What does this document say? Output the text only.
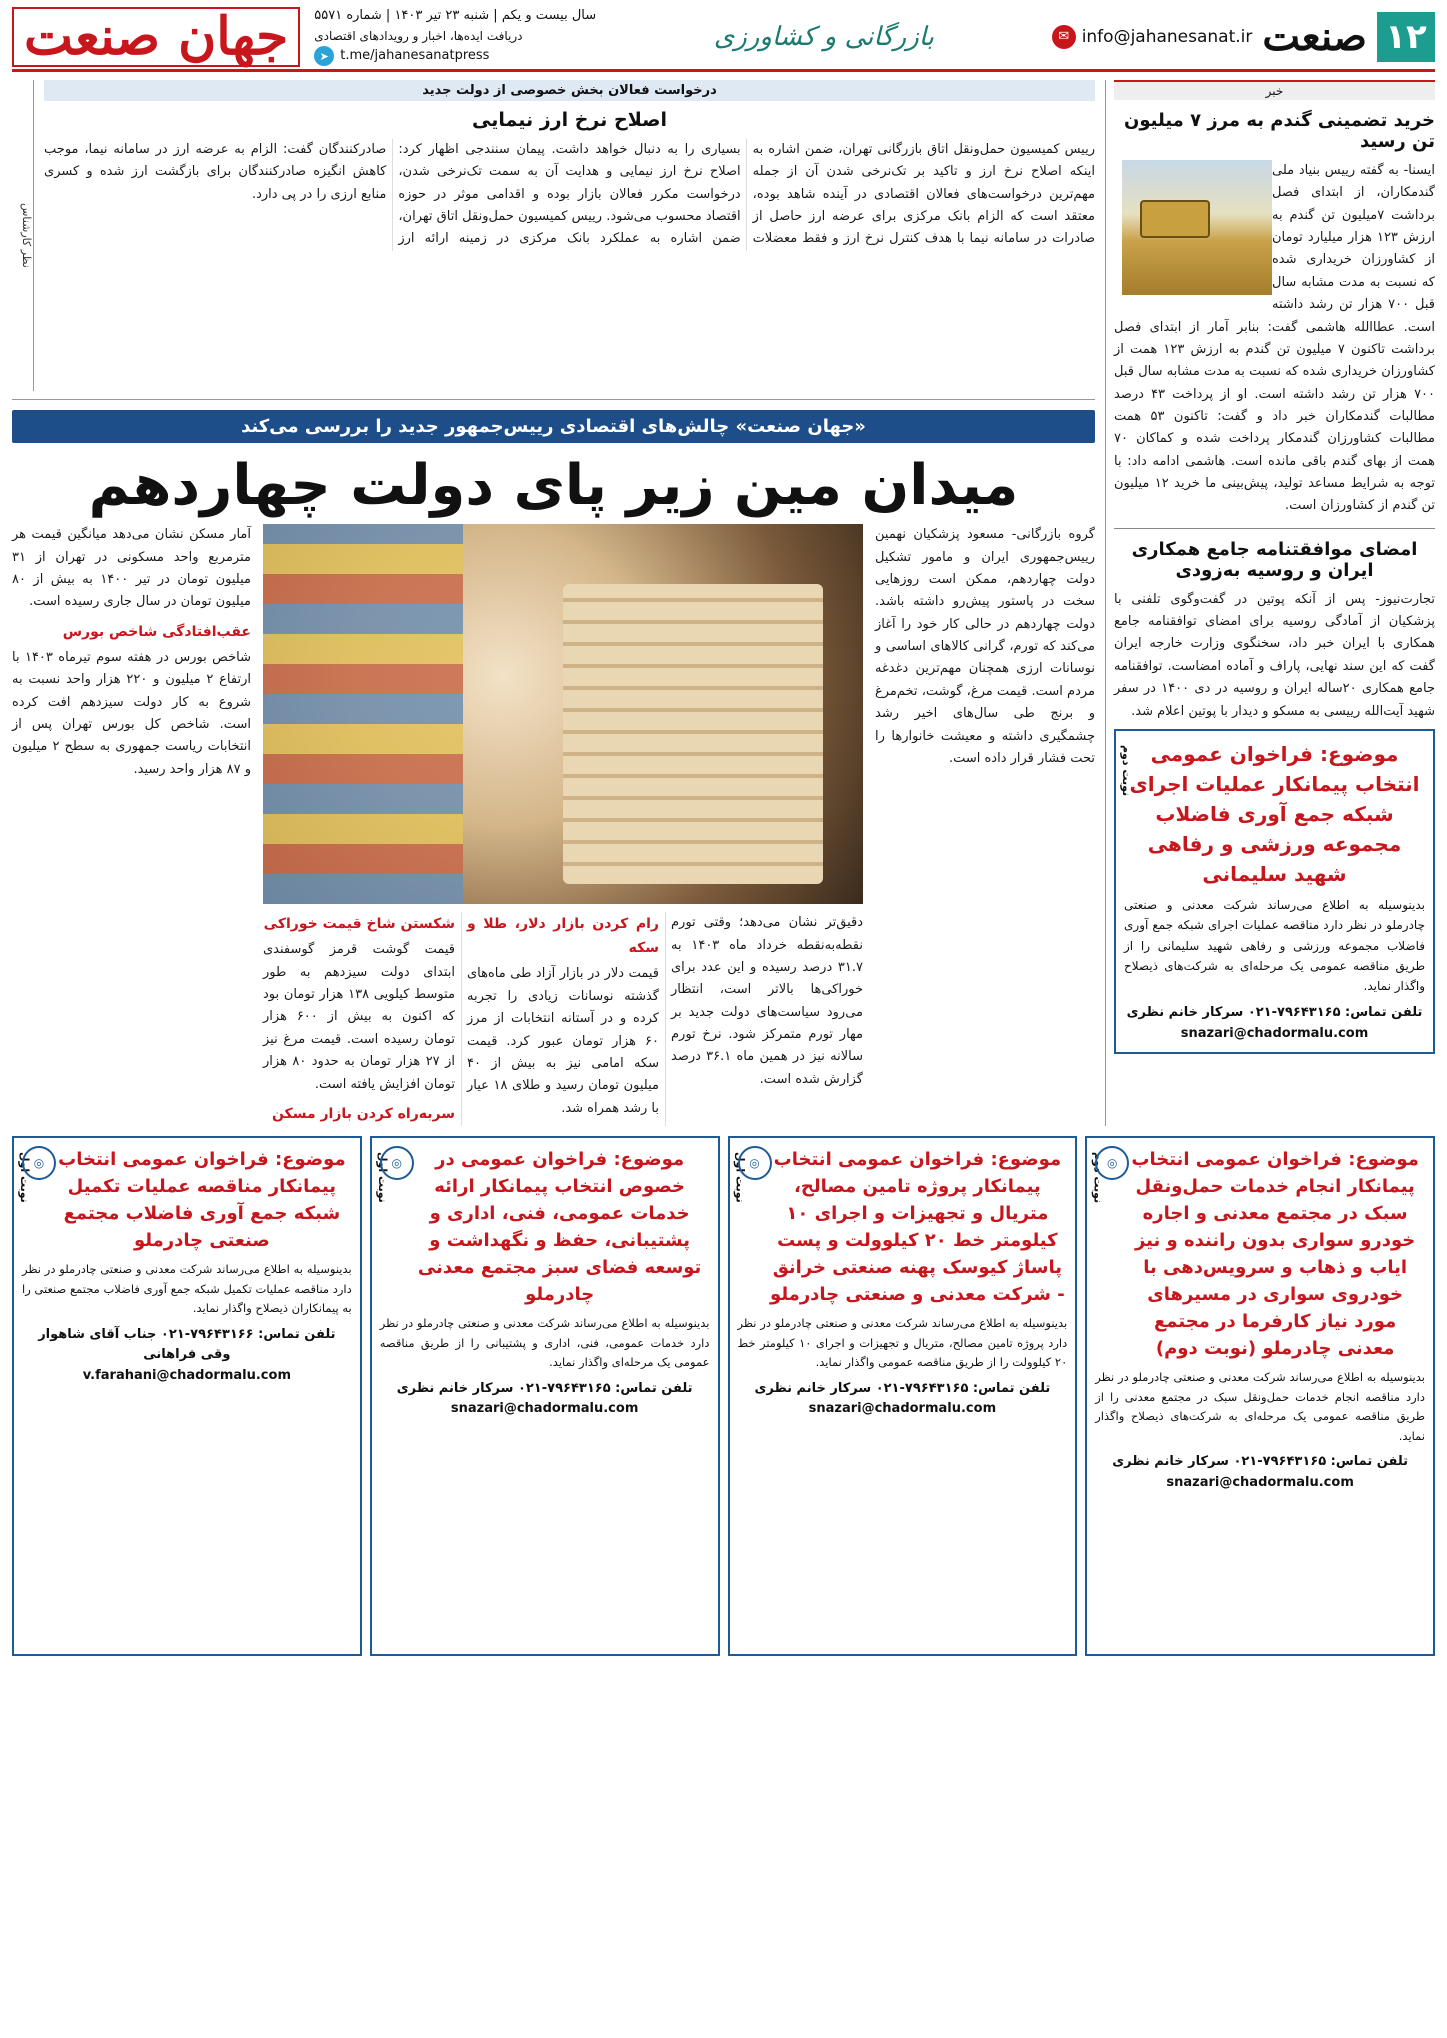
۱۲
صنعت
✉ info@jahanesanat.ir
بازرگانی و کشاورزی
سال بیست و یکم | شنبه ۲۳ تیر ۱۴۰۳ | شماره ۵۵۷۱
دریافت ایده‌ها، اخبار و رویدادهای اقتصادی
➤ t.me/jahanesanatpress
جهان صنعت
خبر
خرید تضمینی گندم به مرز ۷ میلیون تن رسید
ایسنا- به گفته رییس بنیاد ملی گندمکاران، از ابتدای فصل برداشت ۷میلیون تن گندم به ارزش ۱۲۳ هزار میلیارد تومان از کشاورزان خریداری شده که نسبت به مدت مشابه سال قبل ۷۰۰ هزار تن رشد داشته است. عطاالله هاشمی گفت: بنابر آمار از ابتدای فصل برداشت تاکنون ۷ میلیون تن گندم به ارزش ۱۲۳ همت از کشاورزان خریداری شده که نسبت به مدت مشابه سال قبل ۷۰۰ هزار تن رشد داشته است. او از پرداخت ۴۳ درصد مطالبات گندمکاران خبر داد و گفت: تاکنون ۵۳ همت مطالبات کشاورزان گندمکار پرداخت شده و کماکان ۷۰ همت از بهای گندم باقی مانده است. هاشمی ادامه داد: با توجه به شرایط مساعد تولید، پیش‌بینی ما خرید ۱۲ میلیون تن گندم از کشاورزان است.
امضای موافقتنامه جامع همکاری ایران و روسیه به‌زودی
تجارت‌نیوز- پس از آنکه پوتین در گفت‌وگوی تلفنی با پزشکیان از آمادگی روسیه برای امضای توافقنامه جامع همکاری با ایران خبر داد، سخنگوی وزارت خارجه ایران گفت که این سند نهایی، پاراف و آماده امضاست. توافقنامه جامع همکاری ۲۰ساله ایران و روسیه در دی ۱۴۰۰ در سفر شهید آیت‌الله رییسی به مسکو و دیدار با پوتین اعلام شد.
نوبت دوم موضوع: فراخوان عمومی انتخاب پیمانکار عملیات اجرای شبکه جمع آوری فاضلاب مجموعه ورزشی و رفاهی شهید سلیمانی
بدینوسیله به اطلاع می‌رساند شرکت معدنی و صنعتی چادرملو در نظر دارد مناقصه عملیات اجرای شبکه جمع آوری فاضلاب مجموعه ورزشی و رفاهی شهید سلیمانی را از طریق مناقصه عمومی یک مرحله‌ای به شرکت‌های ذیصلاح واگذار نماید.
تلفن تماس: ۷۹۶۴۳۱۶۵-۰۲۱ سرکار خانم نظری
snazari@chadormalu.com
درخواست فعالان بخش خصوصی از دولت جدید
اصلاح نرخ ارز نیمایی
رییس کمیسیون حمل‌ونقل اتاق بازرگانی تهران، ضمن اشاره به اینکه اصلاح نرخ ارز و تاکید بر تک‌نرخی شدن آن از جمله مهم‌ترین درخواست‌های فعالان اقتصادی در آینده شاهد بوده، معتقد است که الزام بانک مرکزی برای عرضه ارز حاصل از صادرات در سامانه نیما با هدف کنترل نرخ ارز و فقط معضلات بسیاری را به دنبال خواهد داشت. پیمان سنندجی اظهار کرد: اصلاح نرخ ارز نیمایی و هدایت آن به سمت تک‌نرخی شدن، درخواست مکرر فعالان بازار بوده و اقدامی موثر در حوزه اقتصاد محسوب می‌شود. رییس کمیسیون حمل‌ونقل اتاق تهران، ضمن اشاره به عملکرد بانک مرکزی در زمینه ارائه ارز صادرکنندگان گفت: الزام به عرضه ارز در سامانه نیما، موجب کاهش انگیزه صادرکنندگان برای بازگشت ارز شده و کسری منابع ارزی را در پی دارد.
نظر کارشناس
«جهان صنعت» چالش‌های اقتصادی رییس‌جمهور جدید را بررسی می‌کند
میدان مین زیر پای دولت چهاردهم
گروه بازرگانی- مسعود پزشکیان نهمین رییس‌جمهوری ایران و مامور تشکیل دولت چهاردهم، ممکن است روزهایی سخت در پاستور پیش‌رو داشته باشد. دولت چهاردهم در حالی کار خود را آغاز می‌کند که تورم، گرانی کالاهای اساسی و نوسانات ارزی همچنان مهم‌ترین دغدغه مردم است. قیمت مرغ، گوشت، تخم‌مرغ و برنج طی سال‌های اخیر رشد چشمگیری داشته و معیشت خانوارها را تحت فشار قرار داده است.
دقیق‌تر نشان می‌دهد؛ وقتی تورم نقطه‌به‌نقطه خرداد ماه ۱۴۰۳ به ۳۱.۷ درصد رسیده و این عدد برای خوراکی‌ها بالاتر است، انتظار می‌رود سیاست‌های دولت جدید بر مهار تورم متمرکز شود. نرخ تورم سالانه نیز در همین ماه ۳۶.۱ درصد گزارش شده است.
رام کردن بازار دلار، طلا و سکه
قیمت دلار در بازار آزاد طی ماه‌های گذشته نوسانات زیادی را تجربه کرده و در آستانه انتخابات از مرز ۶۰ هزار تومان عبور کرد. قیمت سکه امامی نیز به بیش از ۴۰ میلیون تومان رسید و طلای ۱۸ عیار با رشد همراه شد.
شکستن شاخ قیمت خوراکی
قیمت گوشت قرمز گوسفندی ابتدای دولت سیزدهم به طور متوسط کیلویی ۱۳۸ هزار تومان بود که اکنون به بیش از ۶۰۰ هزار تومان رسیده است. قیمت مرغ نیز از ۲۷ هزار تومان به حدود ۸۰ هزار تومان افزایش یافته است.
سربه‌راه کردن بازار مسکن
آمار مسکن نشان می‌دهد میانگین قیمت هر مترمربع واحد مسکونی در تهران از ۳۱ میلیون تومان در تیر ۱۴۰۰ به بیش از ۸۰ میلیون تومان در سال جاری رسیده است.
عقب‌افتادگی شاخص بورس
شاخص بورس در هفته سوم تیرماه ۱۴۰۳ با ارتفاع ۲ میلیون و ۲۲۰ هزار واحد نسبت به شروع به کار دولت سیزدهم افت کرده است. شاخص کل بورس تهران پس از انتخابات ریاست جمهوری به سطح ۲ میلیون و ۸۷ هزار واحد رسید.
نوبت دوم ◎ موضوع: فراخوان عمومی انتخاب پیمانکار انجام خدمات حمل‌ونقل سبک در مجتمع معدنی و اجاره خودرو سواری بدون راننده و نیز ایاب و ذهاب و سرویس‌دهی با خودروی سواری در مسیرهای مورد نیاز کارفرما در مجتمع معدنی چادرملو (نوبت دوم)
بدینوسیله به اطلاع می‌رساند شرکت معدنی و صنعتی چادرملو در نظر دارد مناقصه انجام خدمات حمل‌ونقل سبک در مجتمع معدنی را از طریق مناقصه عمومی یک مرحله‌ای به شرکت‌های ذیصلاح واگذار نماید.
تلفن تماس: ۷۹۶۴۳۱۶۵-۰۲۱ سرکار خانم نظری
snazari@chadormalu.com
نوبت اول ◎ موضوع: فراخوان عمومی انتخاب پیمانکار پروژه تامین مصالح، متریال و تجهیزات و اجرای ۱۰ کیلومتر خط ۲۰ کیلوولت و پست پاساژ کیوسک پهنه صنعتی خرانق - شرکت معدنی و صنعتی چادرملو
بدینوسیله به اطلاع می‌رساند شرکت معدنی و صنعتی چادرملو در نظر دارد پروژه تامین مصالح، متریال و تجهیزات و اجرای ۱۰ کیلومتر خط ۲۰ کیلوولت را از طریق مناقصه عمومی واگذار نماید.
تلفن تماس: ۷۹۶۴۳۱۶۵-۰۲۱ سرکار خانم نظری
snazari@chadormalu.com
نوبت اول ◎	موضوع: فراخوان عمومی در خصوص انتخاب پیمانکار ارائه خدمات عمومی، فنی، اداری و پشتیبانی، حفظ و نگهداشت و توسعه فضای سبز مجتمع معدنی چادرملو
بدینوسیله به اطلاع می‌رساند شرکت معدنی و صنعتی چادرملو در نظر دارد خدمات عمومی، فنی، اداری و پشتیبانی را از طریق مناقصه عمومی یک مرحله‌ای واگذار نماید.
تلفن تماس: ۷۹۶۴۳۱۶۵-۰۲۱ سرکار خانم نظری
snazari@chadormalu.com
نوبت اول ◎ موضوع: فراخوان عمومی انتخاب پیمانکار مناقصه عملیات تکمیل شبکه جمع آوری فاضلاب مجتمع صنعتی چادرملو
بدینوسیله به اطلاع می‌رساند شرکت معدنی و صنعتی چادرملو در نظر دارد مناقصه عملیات تکمیل شبکه جمع آوری فاضلاب مجتمع صنعتی را به پیمانکاران ذیصلاح واگذار نماید.
تلفن تماس: ۷۹۶۴۳۱۶۶-۰۲۱ جناب آقای شاهوار وقی فراهانی
v.farahani@chadormalu.com
